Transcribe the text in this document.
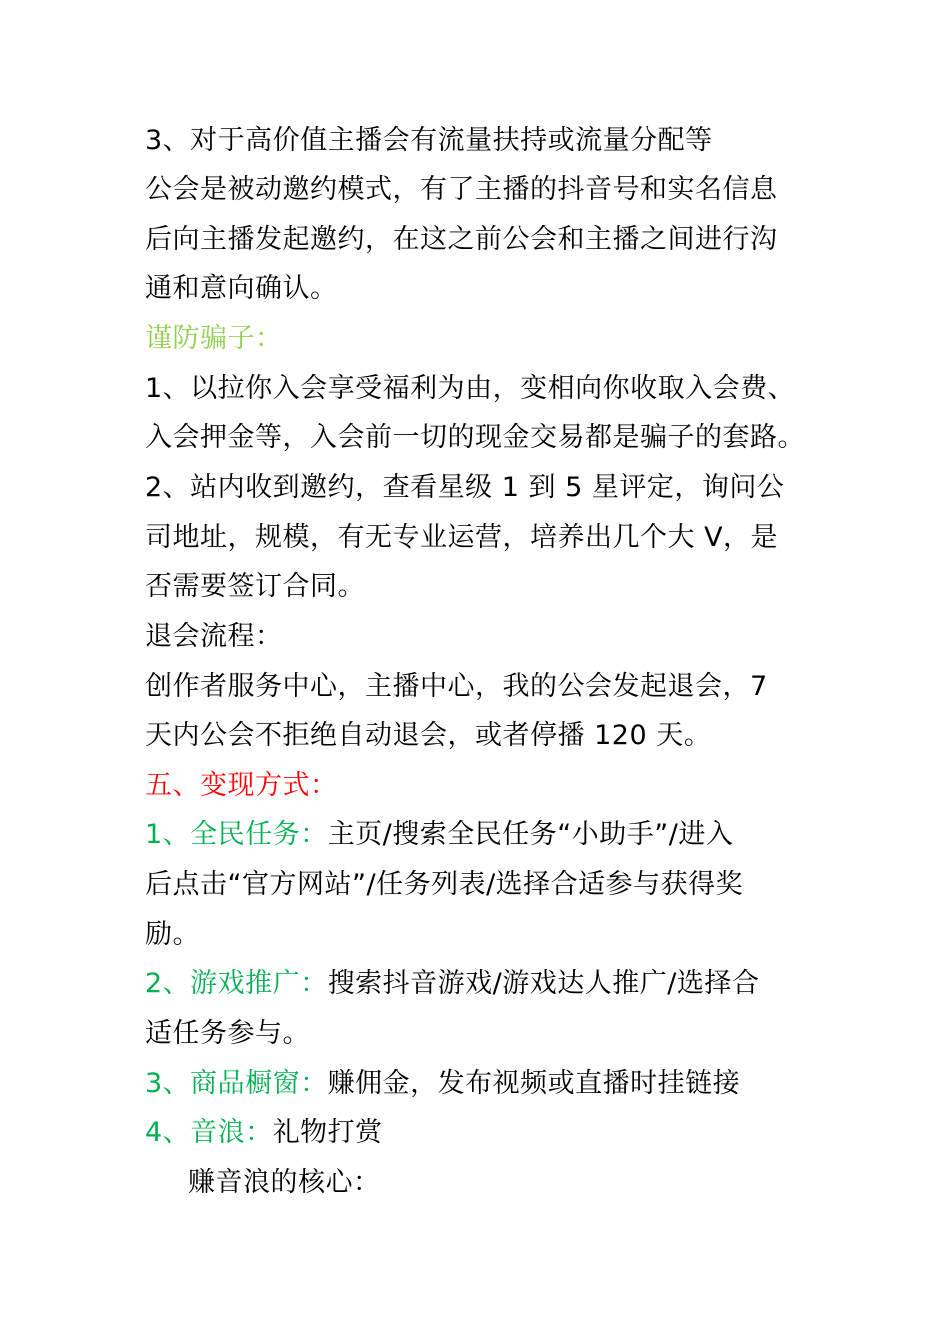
3、对于高价值主播会有流量扶持或流量分配等
公会是被动邀约模式，有了主播的抖音号和实名信息
后向主播发起邀约，在这之前公会和主播之间进行沟
通和意向确认。
谨防骗子：
1、以拉你入会享受福利为由，变相向你收取入会费、
入会押金等，入会前一切的现金交易都是骗子的套路。
2、站内收到邀约，查看星级 1 到 5 星评定，询问公
司地址，规模，有无专业运营，培养出几个大 V，是
否需要签订合同。
退会流程：
创作者服务中心，主播中心，我的公会发起退会，7
天内公会不拒绝自动退会，或者停播 120 天。
五、变现方式：
1、全民任务：主页/搜索全民任务“小助手”/进入
后点击“官方网站”/任务列表/选择合适参与获得奖
励。
2、游戏推广：搜索抖音游戏/游戏达人推广/选择合
适任务参与。
3、商品橱窗：赚佣金，发布视频或直播时挂链接
4、音浪：礼物打赏
赚音浪的核心：
